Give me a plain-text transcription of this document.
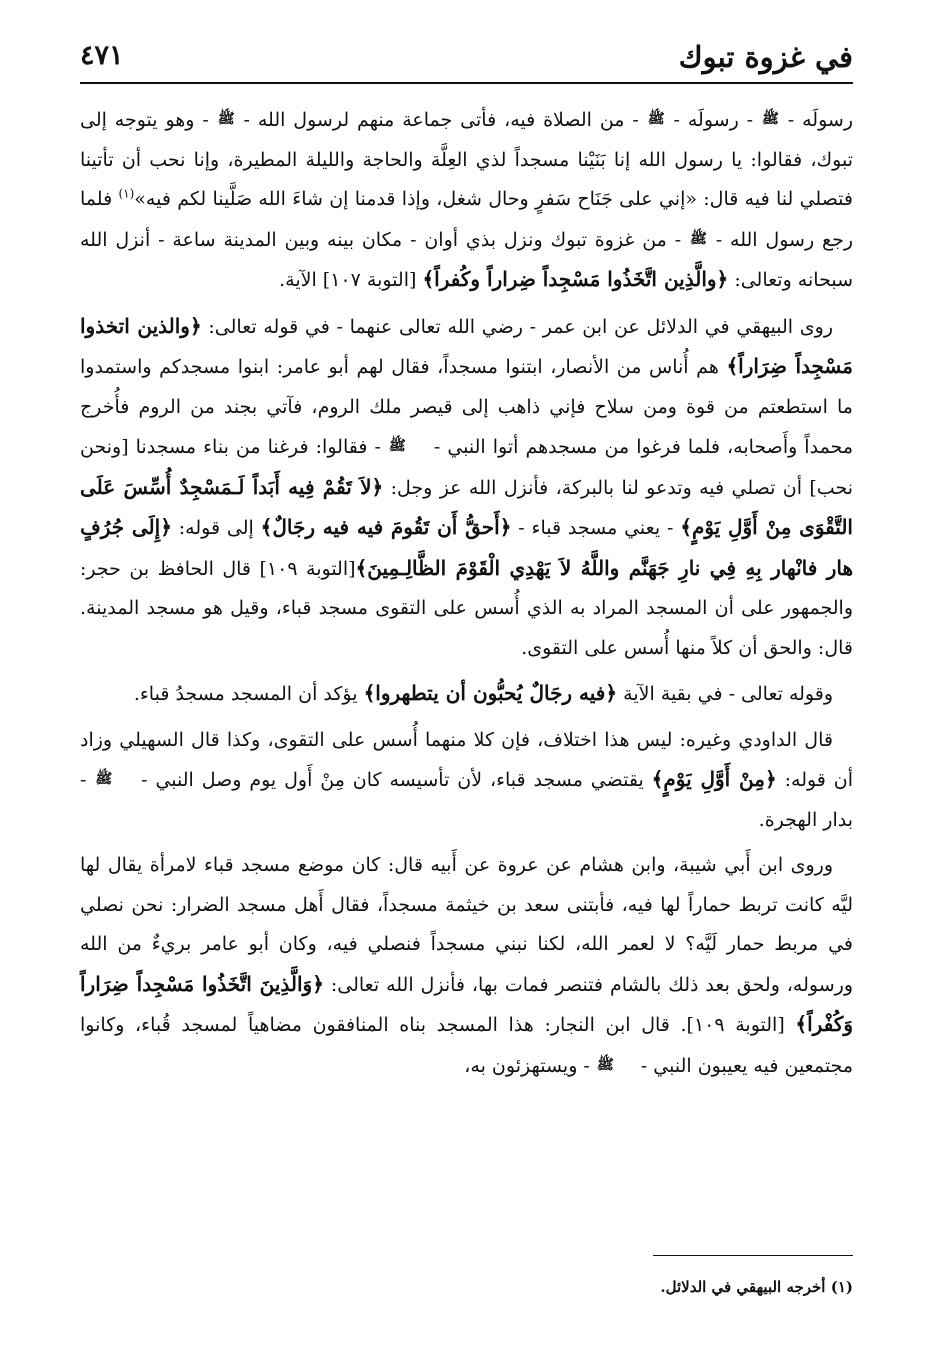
في غزوة تبوك
٤٧١

رسولَه - ﷺ - رسولَه - ﷺ - من الصلاة فيه، فأتى جماعة منهم لرسول الله - ﷺ - وهو يتوجه إلى تبوك، فقالوا: يا رسول الله إنا بَنَيْنا مسجداً لذي العِلَّة والحاجة والليلة المطيرة، وإنا نحب أن تأتينا فتصلي لنا فيه قال: «إني على جَنَاح سَفرٍ وحال شغل، وإذا قدمنا إن شاءَ الله صَلَّينا لكم فيه»$^{(١)}$ فلما رجع رسول الله - ﷺ - من غزوة تبوك ونزل بذي أوان - مكان بينه وبين المدينة ساعة - أنزل الله سبحانه وتعالى: ﴿والَّذِين اتَّخَذُوا مَسْجِداً ضِراراً وكُفراً﴾ [التوبة ١٠٧] الآية.

روى البيهقي في الدلائل عن ابن عمر - رضي الله تعالى عنهما - في قوله تعالى: ﴿والذين اتخذوا مَسْجِداً ضِرَاراً﴾ هم أُناس من الأنصار، ابتنوا مسجداً، فقال لهم أبو عامر: ابنوا مسجدكم واستمدوا ما استطعتم من قوة ومن سلاح فإني ذاهب إلى قيصر ملك الروم، فآتي بجند من الروم فأُخرج محمداً وأَصحابه، فلما فرغوا من مسجدهم أتوا النبي - ﷺ - فقالوا: فرغنا من بناء مسجدنا [ونحن نحب] أن تصلي فيه وتدعو لنا بالبركة، فأنزل الله عز وجل: ﴿لاَ تَقُمْ فِيه أَبَداً لَـمَسْجِدٌ أُسِّسَ عَلَى التَّقْوَى مِنْ أَوَّلِ يَوْمٍ﴾ - يعني مسجد قباء - ﴿أَحقُّ أَن تَقُومَ فيه فيه رجَالٌ﴾ إلى قوله: ﴿إِلَى جُرُفٍ هار فانْهار بِهِ فِي نارِ جَهَنَّم واللَّهُ لاَ يَهْدِي الْقَوْمَ الظَّالِـمِينَ﴾[التوبة ١٠٩] قال الحافظ بن حجر: والجمهور على أن المسجد المراد به الذي أُسس على التقوى مسجد قباء، وقيل هو مسجد المدينة. قال: والحق أن كلاً منها أُسس على التقوى.

وقوله تعالى - في بقية الآية ﴿فيه رجَالٌ يُحبُّون أن يتطهروا﴾ يؤكد أن المسجد مسجدُ قباء.

قال الداودي وغيره: ليس هذا اختلاف، فإن كلا منهما أُسس على التقوى، وكذا قال السهيلي وزاد أن قوله: ﴿مِنْ أَوَّلِ يَوْمٍ﴾ يقتضي مسجد قباء، لأن تأسيسه كان مِنْ أَول يوم وصل النبي - ﷺ - بدار الهجرة.

وروى ابن أَبي شيبة، وابن هشام عن عروة عن أَبيه قال: كان موضع مسجد قباء لامرأة يقال لها ليَّه كانت تربط حماراً لها فيه، فأبتنى سعد بن خيثمة مسجداً، فقال أَهل مسجد الضرار: نحن نصلي في مربط حمار لَيَّه؟ لا لعمر الله، لكنا نبني مسجداً فنصلي فيه، وكان أبو عامر بريءٌ من الله ورسوله، ولحق بعد ذلك بالشام فتنصر فمات بها، فأنزل الله تعالى: ﴿وَالَّذِينَ اتَّخَذُوا مَسْجِداً ضِرَاراً وَكُفْراً﴾ [التوبة ١٠٩]. قال ابن النجار: هذا المسجد بناه المنافقون مضاهياً لمسجد قُباء، وكانوا مجتمعين فيه يعيبون النبي - ﷺ - ويستهزئون به،

(١) أخرجه البيهقي في الدلائل.
